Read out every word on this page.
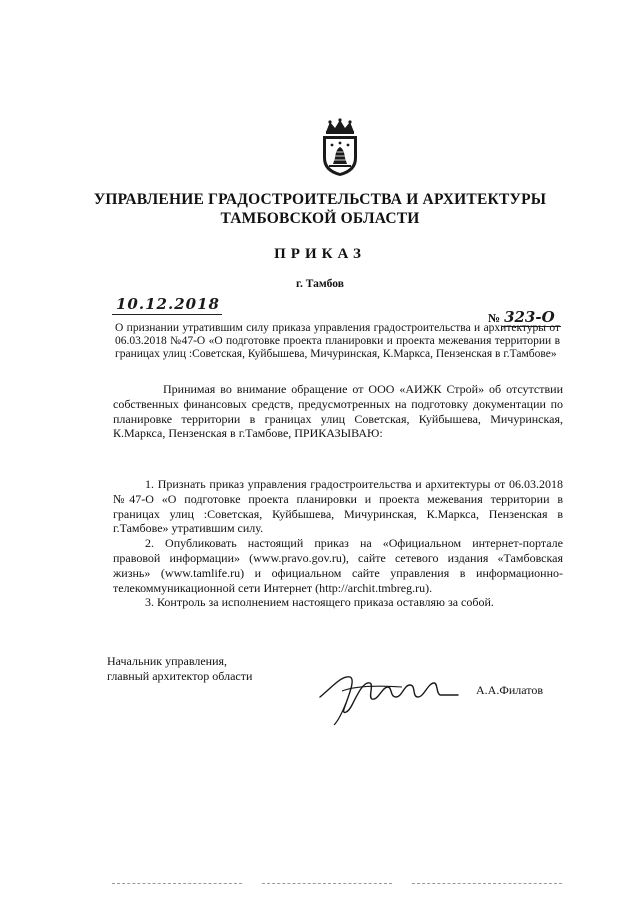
УПРАВЛЕНИЕ ГРАДОСТРОИТЕЛЬСТВА И АРХИТЕКТУРЫ
ТАМБОВСКОЙ ОБЛАСТИ
ПРИКАЗ
г. Тамбов
10.12.2018
№ 323-О
О признании утратившим силу приказа управления градостроительства и архитектуры от 06.03.2018 №47-О «О подготовке проекта планировки и проекта межевания территории в границах улиц :Советская, Куйбышева, Мичуринская, К.Маркса, Пензенская в г.Тамбове»
Принимая во внимание обращение от ООО «АИЖК Строй» об отсутствии собственных финансовых средств, предусмотренных на подготовку документации по планировке территории в границах улиц Советская, Куйбышева, Мичуринская, К.Маркса, Пензенская в г.Тамбове, ПРИКАЗЫВАЮ:

1. Признать приказ управления градостроительства и архитектуры от 06.03.2018 №47-О «О подготовке проекта планировки и проекта межевания территории в границах улиц :Советская, Куйбышева, Мичуринская, К.Маркса, Пензенская в г.Тамбове» утратившим силу.

2. Опубликовать настоящий приказ на «Официальном интернет-портале правовой информации» (www.pravo.gov.ru), сайте сетевого издания «Тамбовская жизнь» (www.tamlife.ru) и официальном сайте управления в информационно-телекоммуникационной сети Интернет (http://archit.tmbreg.ru).

3. Контроль за исполнением настоящего приказа оставляю за собой.

Начальник управления,
главный архитектор области
А.А.Филатов
